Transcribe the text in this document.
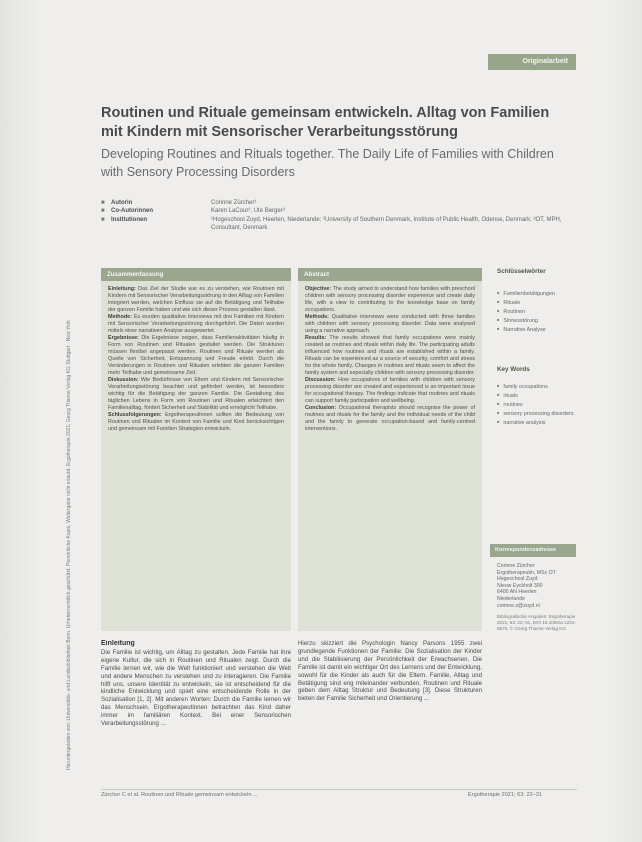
Heruntergeladen von: Universitäts- und Landesbibliothek Bonn. Urheberrechtlich geschützt. Persönliche Kopie, Weitergabe nicht erlaubt. Ergotherapie 2021; Georg Thieme Verlag KG Stuttgart · New York
Originalarbeit
Routinen und Rituale gemeinsam entwickeln. Alltag von Familien mit Kindern mit Sensorischer Verarbeitungsstörung
Developing Routines and Rituals together. The Daily Life of Families with Children with Sensory Processing Disorders
■	Autorin	Corinne Zürcher¹
■	Co-Autorinnen	Karen LaCour², Ute Berger³
■	Institutionen	¹Hogeschool Zuyd, Heerlen, Niederlande; ²University of Southern Denmark, Institute of Public Health, Odense, Denmark; ³OT, MPH, Consultant, Denmark
Zusammenfassung

Einleitung: Das Ziel der Studie war es zu verstehen, wie Routinen mit Kindern mit Sensorischer Verarbeitungsstörung in den Alltag von Familien integriert werden, welchen Einfluss sie auf die Betätigung und Teilhabe der ganzen Familie haben und wie sich dieser Prozess gestalten lässt.

Methode: Es wurden qualitative Interviews mit drei Familien mit Kindern mit Sensorischer Verarbeitungsstörung durchgeführt. Die Daten wurden mittels einer narrativen Analyse ausgewertet.

Ergebnisse: Die Ergebnisse zeigen, dass Familienaktivitäten häufig in Form von Routinen und Ritualen gestaltet werden. Die Strukturen müssen flexibel angepasst werden. Routinen und Rituale werden als Quelle von Sicherheit, Entspannung und Freude erlebt. Durch die Veränderungen in Routinen und Ritualen erlebten die ganzen Familien mehr Teilhabe und gemeinsame Zeit.

Diskussion: Wie Bedürfnisse von Eltern und Kindern mit Sensorischer Verarbeitungsstörung beachtet und gefördert werden, ist besonders wichtig für die Betätigung der ganzen Familie. Die Gestaltung des täglichen Lebens in Form von Routinen und Ritualen erleichtert den Familienalltag, fördert Sicherheit und Stabilität und ermöglicht Teilhabe.

Schlussfolgerungen: Ergotherapeutinnen sollten die Bedeutung von Routinen und Ritualen im Kontext von Familie und Kind berücksichtigen und gemeinsam mit Familien Strategien entwickeln.

Abstract

Objective: The study aimed to understand how families with preschool children with sensory processing disorder experience and create daily life, with a view to contributing to the knowledge base on family occupations.

Methods: Qualitative interviews were conducted with three families with children with sensory processing disorder. Data were analysed using a narrative approach.

Results: The results showed that family occupations were mainly created as routines and rituals within daily life. The participating adults influenced how routines and rituals are established within a family. Rituals can be experienced as a source of security, comfort and stress for the whole family. Changes in routines and rituals seem to affect the family system and especially children with sensory processing disorder.

Discussion: How occupations of families with children with sensory processing disorder are created and experienced is an important issue for occupational therapy. The findings indicate that routines and rituals can support family participation and wellbeing.

Conclusion: Occupational therapists should recognise the power of routines and rituals for the family and the individual needs of the child and the family to generate occupation-based and family-centred interventions.

Schlüsselwörter
■ Familienbetätigungen
■ Rituale
■ Routinen
■ Sinnesstörung
■ Narrative Analyse
Key Words
■ family occupations
■ rituals
■ routines
■ sensory processing disorders
■ narrative analysis
Korrespondenzadresse
Corinne Zürcher
Ergotherapeutin, MSc OT
Hogeschool Zuyd
Nieuw Eyckholt 300
6400 AN Heerlen
Niederlande
corinne.z@zuyd.nl
Bibliografische Angaben: Ergotherapie 2021; 63: 22–31, DOI 10.1055/a-1234-5678, © Georg Thieme Verlag KG
Einleitung

Die Familie ist wichtig, um Alltag zu gestalten. Jede Familie hat ihre eigene Kultur, die sich in Routinen und Ritualen zeigt. Durch die Familie lernen wir, wie die Welt funktioniert und verstehen die Welt und andere Menschen zu verstehen und zu interagieren. Die Familie hilft uns, unsere Identität zu entwickeln, sie ist entscheidend für die kindliche Entwicklung und spielt eine entscheidende Rolle in der Sozialisation [1, 2]. Mit anderen Worten: Durch die Familie lernen wir das Menschsein. Ergotherapeutinnen betrachten das Kind daher immer im familiären Kontext. Bei einer Sensorischen Verarbeitungsstörung ...

Hierzu skizziert die Psychologin Nancy Parsons 1955 zwei grundlegende Funktionen der Familie: Die Sozialisation der Kinder und die Stabilisierung der Persönlichkeit der Erwachsenen. Die Familie ist damit ein wichtiger Ort des Lernens und der Entwicklung, sowohl für die Kinder als auch für die Eltern. Familie, Alltag und Betätigung sind eng miteinander verbunden. Routinen und Rituale geben dem Alltag Struktur und Bedeutung [3]. Diese Strukturen bieten der Familie Sicherheit und Orientierung ...

Zürcher C et al. Routinen und Rituale gemeinsam entwickeln ...	Ergotherapie 2021; 63: 22–31
